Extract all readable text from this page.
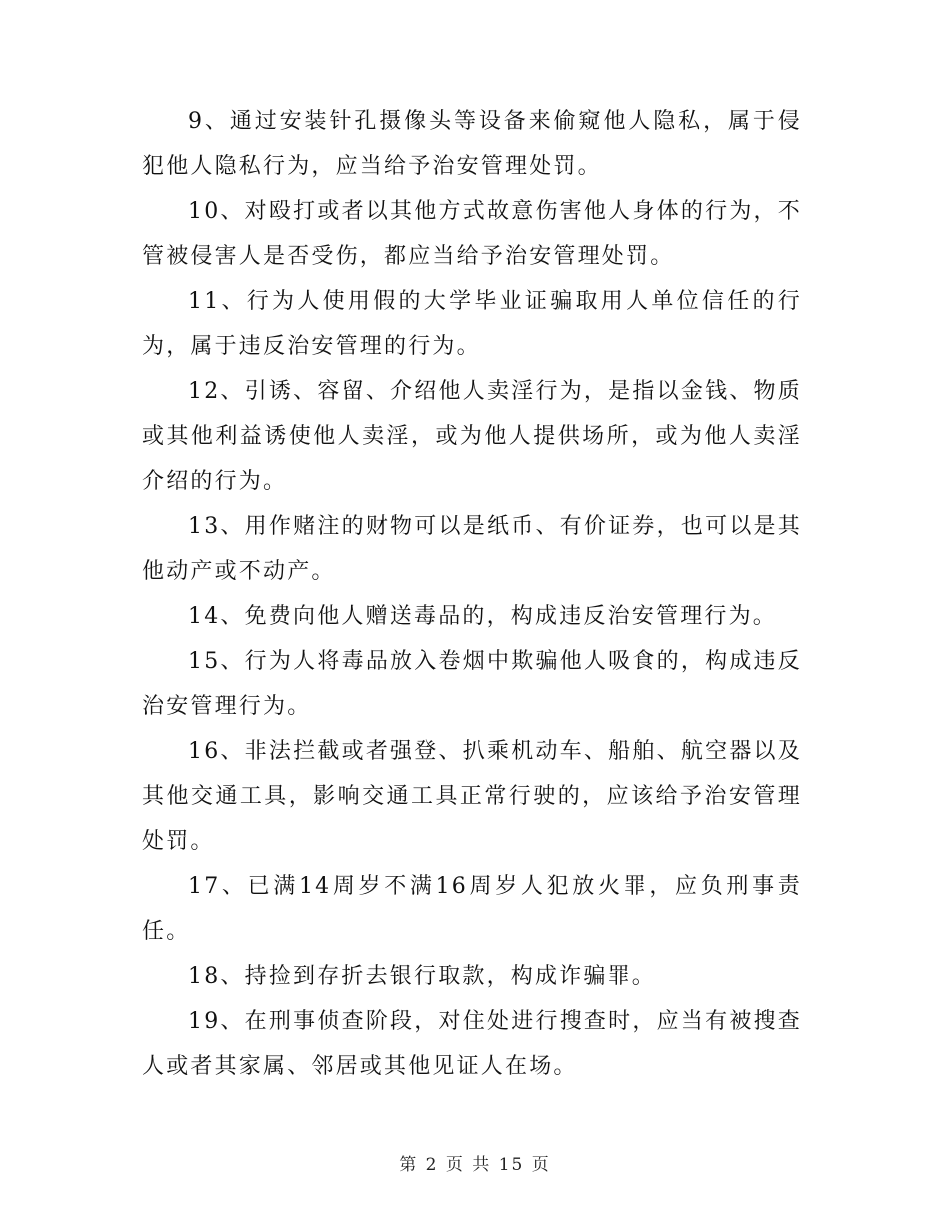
9、通过安装针孔摄像头等设备来偷窥他人隐私，属于侵犯他人隐私行为，应当给予治安管理处罚。

10、对殴打或者以其他方式故意伤害他人身体的行为，不管被侵害人是否受伤，都应当给予治安管理处罚。

11、行为人使用假的大学毕业证骗取用人单位信任的行为，属于违反治安管理的行为。

12、引诱、容留、介绍他人卖淫行为，是指以金钱、物质或其他利益诱使他人卖淫，或为他人提供场所，或为他人卖淫介绍的行为。

13、用作赌注的财物可以是纸币、有价证券，也可以是其他动产或不动产。

14、免费向他人赠送毒品的，构成违反治安管理行为。

15、行为人将毒品放入卷烟中欺骗他人吸食的，构成违反治安管理行为。

16、非法拦截或者强登、扒乘机动车、船舶、航空器以及其他交通工具，影响交通工具正常行驶的，应该给予治安管理处罚。

17、已满14周岁不满16周岁人犯放火罪，应负刑事责任。

18、持捡到存折去银行取款，构成诈骗罪。

19、在刑事侦查阶段，对住处进行搜查时，应当有被搜查人或者其家属、邻居或其他见证人在场。

第 2 页 共 15 页
